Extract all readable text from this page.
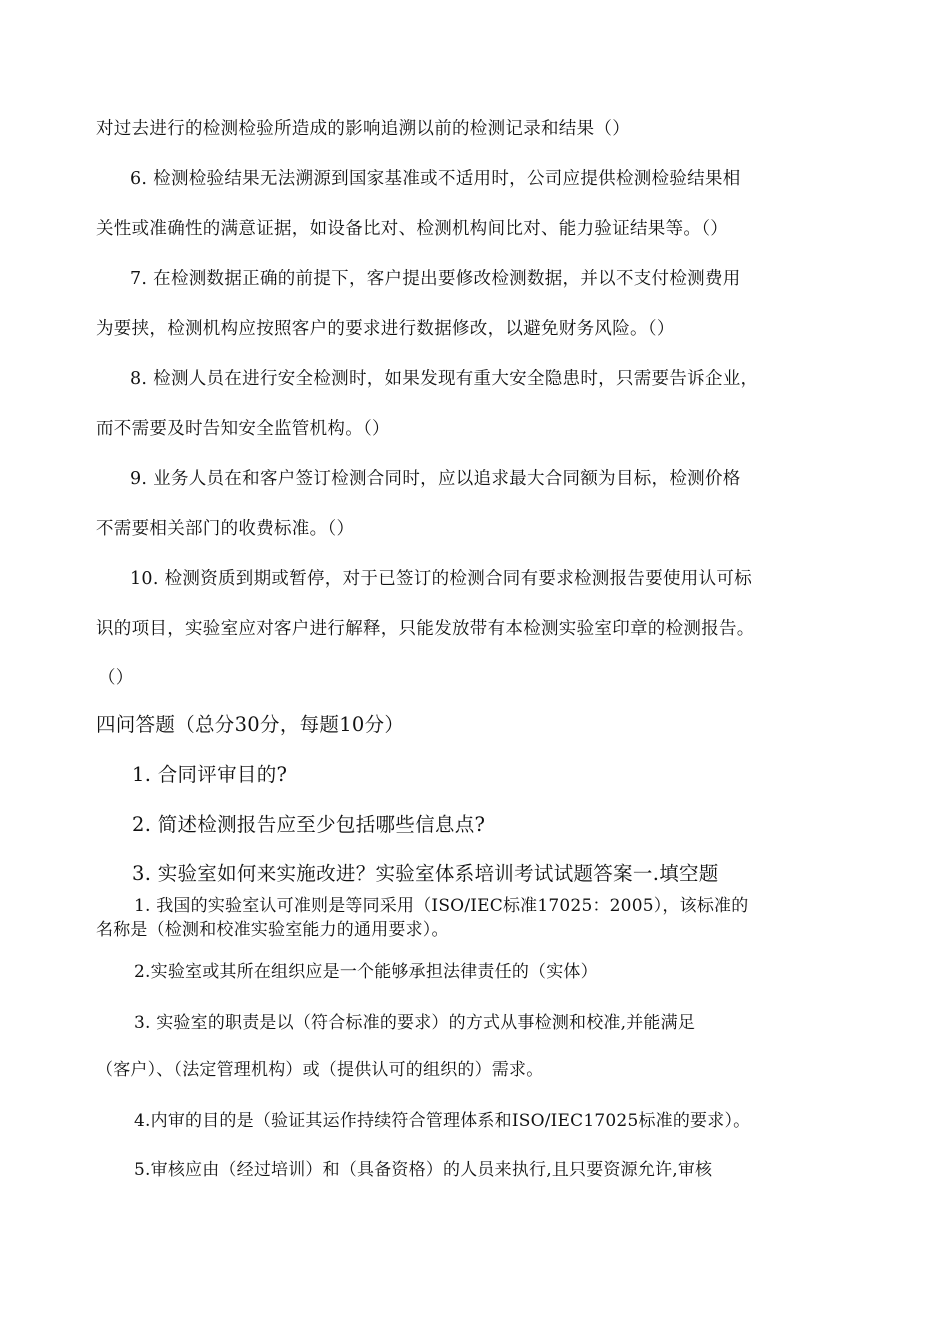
对过去进行的检测检验所造成的影响追溯以前的检测记录和结果（）
6. 检测检验结果无法溯源到国家基准或不适用时，公司应提供检测检验结果相
关性或准确性的满意证据，如设备比对、检测机构间比对、能力验证结果等。（）
7. 在检测数据正确的前提下，客户提出要修改检测数据，并以不支付检测费用
为要挟，检测机构应按照客户的要求进行数据修改，以避免财务风险。（）
8. 检测人员在进行安全检测时，如果发现有重大安全隐患时，只需要告诉企业，
而不需要及时告知安全监管机构。（）
9. 业务人员在和客户签订检测合同时，应以追求最大合同额为目标，检测价格
不需要相关部门的收费标准。（）
10. 检测资质到期或暂停，对于已签订的检测合同有要求检测报告要使用认可标
识的项目，实验室应对客户进行解释，只能发放带有本检测实验室印章的检测报告。
（）
四问答题（总分30分，每题10分）
1. 合同评审目的?
2. 简述检测报告应至少包括哪些信息点?
3. 实验室如何来实施改进？实验室体系培训考试试题答案一.填空题
1. 我国的实验室认可准则是等同采用（ISO/IEC标准17025：2005），该标准的
名称是（检测和校准实验室能力的通用要求）。
2.实验室或其所在组织应是一个能够承担法律责任的（实体）
3. 实验室的职责是以（符合标准的要求）的方式从事检测和校准,并能满足
（客户）、（法定管理机构）或（提供认可的组织的）需求。
4.内审的目的是（验证其运作持续符合管理体系和ISO/IEC17025标准的要求）。
5.审核应由（经过培训）和（具备资格）的人员来执行,且只要资源允许,审核
